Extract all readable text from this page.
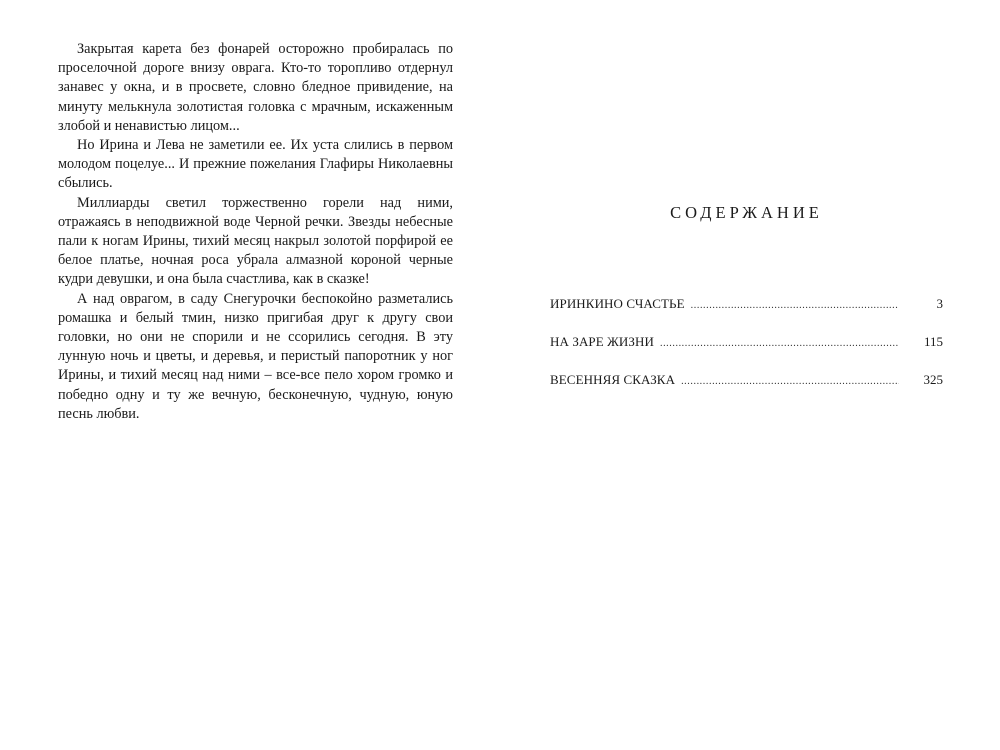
Закрытая карета без фонарей осторожно пробиралась по проселочной дороге внизу оврага. Кто-то торопливо отдернул занавес у окна, и в просвете, словно бледное привидение, на минуту мелькнула золотистая головка с мрачным, искаженным злобой и ненавистью лицом...

Но Ирина и Лева не заметили ее. Их уста слились в первом молодом поцелуе... И прежние пожелания Глафиры Николаевны сбылись.

Миллиарды светил торжественно горели над ними, отражаясь в неподвижной воде Черной речки. Звезды небесные пали к ногам Ирины, тихий месяц накрыл золотой порфирой ее белое платье, ночная роса убрала алмазной короной черные кудри девушки, и она была счастлива, как в сказке!

А над оврагом, в саду Снегурочки беспокойно разметались ромашка и белый тмин, низко пригибая друг к другу свои головки, но они не спорили и не ссорились сегодня. В эту лунную ночь и цветы, и деревья, и перистый папоротник у ног Ирины, и тихий месяц над ними – все-все пело хором громко и победно одну и ту же вечную, бесконечную, чудную, юную песнь любви.

СОДЕРЖАНИЕ
ИРИНКИНО СЧАСТЬЕ .....	3
НА ЗАРЕ ЖИЗНИ .....	115
ВЕСЕННЯЯ СКАЗКА .....	325
